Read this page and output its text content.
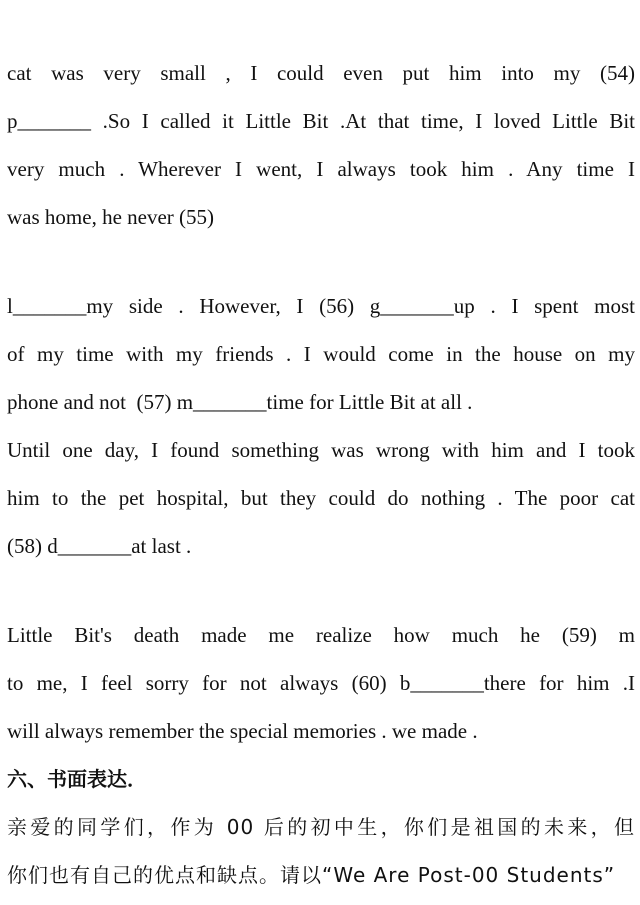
cat was very small , I could even put him into my (54)
p_______ .So I called it Little Bit .At that time, I loved Little Bit
very much . Wherever I went, I always took him . Any time I
was home, he never (55)
l_______my side . However, I (56) g_______up . I spent most
of my time with my friends . I would come in the house on my
phone and not  (57) m_______time for Little Bit at all .
Until one day, I found something was wrong with him and I took
him to the pet hospital, but they could do nothing . The poor cat
(58) d_______at last .
Little Bit's death made me realize how much he (59) m
to me, I feel sorry for not always (60) b_______there for him .I
will always remember the special memories . we made .
六、书面表达．
亲爱的同学们，作为 00 后的初中生，你们是祖国的未来，但
你们也有自己的优点和缺点。请以“We Are Post-00 Students”
